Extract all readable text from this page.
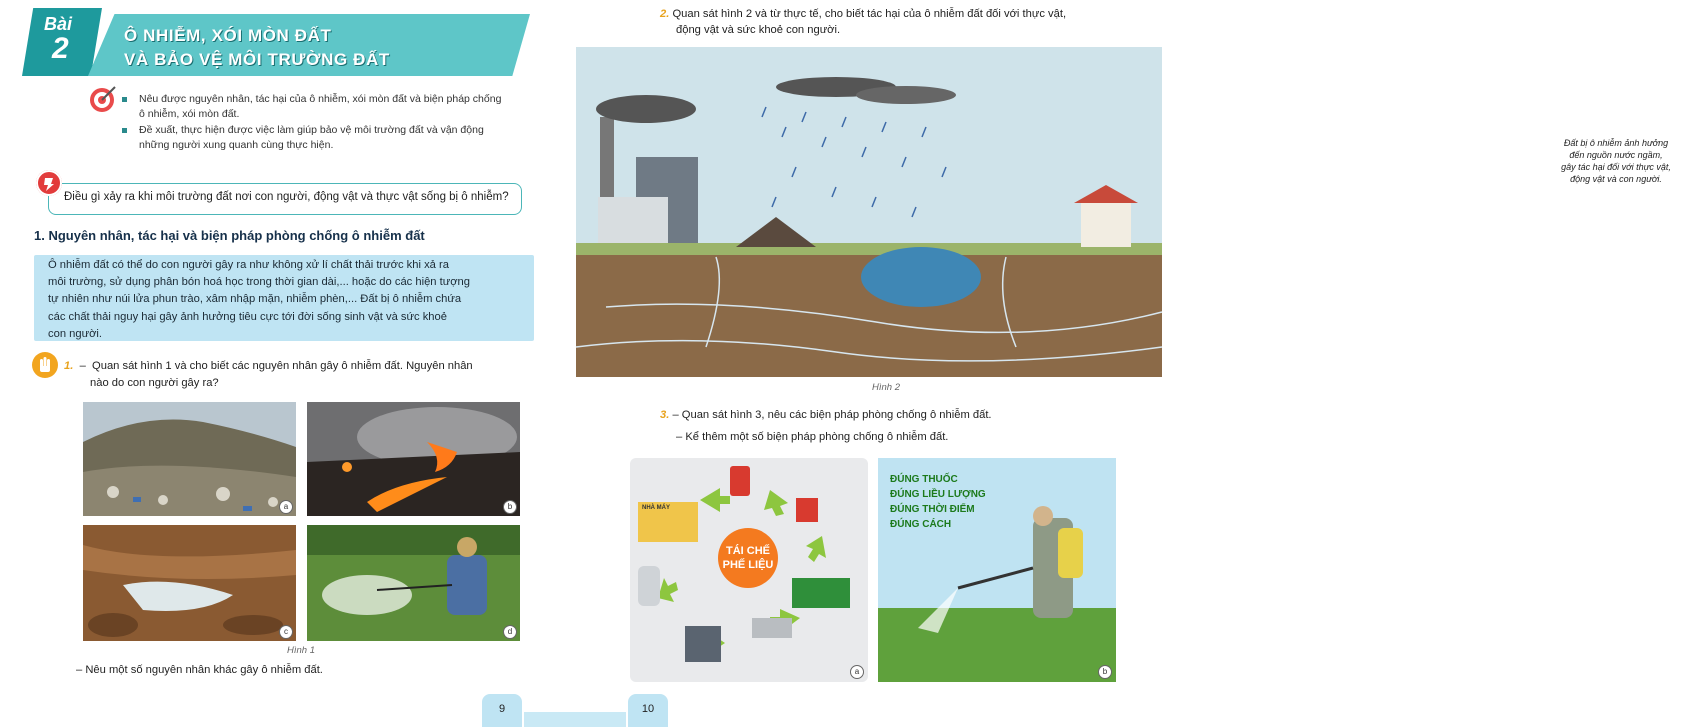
Bài
2	Ô NHIỄM, XÓI MÒN ĐẤT
VÀ BẢO VỆ MÔI TRƯỜNG ĐẤT
Nêu được nguyên nhân, tác hại của ô nhiễm, xói mòn đất và biện pháp chống
ô nhiễm, xói mòn đất.
Đề xuất, thực hiện được việc làm giúp bảo vệ môi trường đất và vận động
những người xung quanh cùng thực hiện.
Điều gì xảy ra khi môi trường đất nơi con người, động vật và thực vật sống bị ô nhiễm?
1. Nguyên nhân, tác hại và biện pháp phòng chống ô nhiễm đất
Ô nhiễm đất có thể do con người gây ra như không xử lí chất thải trước khi xả ra
môi trường, sử dụng phân bón hoá học trong thời gian dài,... hoặc do các hiện tượng
tự nhiên như núi lửa phun trào, xâm nhập mặn, nhiễm phèn,... Đất bị ô nhiễm chứa
các chất thải nguy hại gây ảnh hưởng tiêu cực tới đời sống sinh vật và sức khoẻ
con người.
1. – Quan sát hình 1 và cho biết các nguyên nhân gây ô nhiễm đất. Nguyên nhân
nào do con người gây ra?
a	b
c	d
Hình 1
– Nêu một số nguyên nhân khác gây ô nhiễm đất.
9	10
2. Quan sát hình 2 và từ thực tế, cho biết tác hại của ô nhiễm đất đối với thực vật,
động vật và sức khoẻ con người.
Đất bị ô nhiễm ảnh hưởng
đến nguồn nước ngầm,
gây tác hại đối với thực vật,
động vật và con người.
Hình 2
3. – Quan sát hình 3, nêu các biện pháp phòng chống ô nhiễm đất.
– Kể thêm một số biện pháp phòng chống ô nhiễm đất.
TÁI CHẾ
PHẾ LIỆU
NHÀ MÁY
a
ĐÚNG THUỐC
ĐÚNG LIỀU LƯỢNG
ĐÚNG THỜI ĐIỂM
ĐÚNG CÁCH
b
